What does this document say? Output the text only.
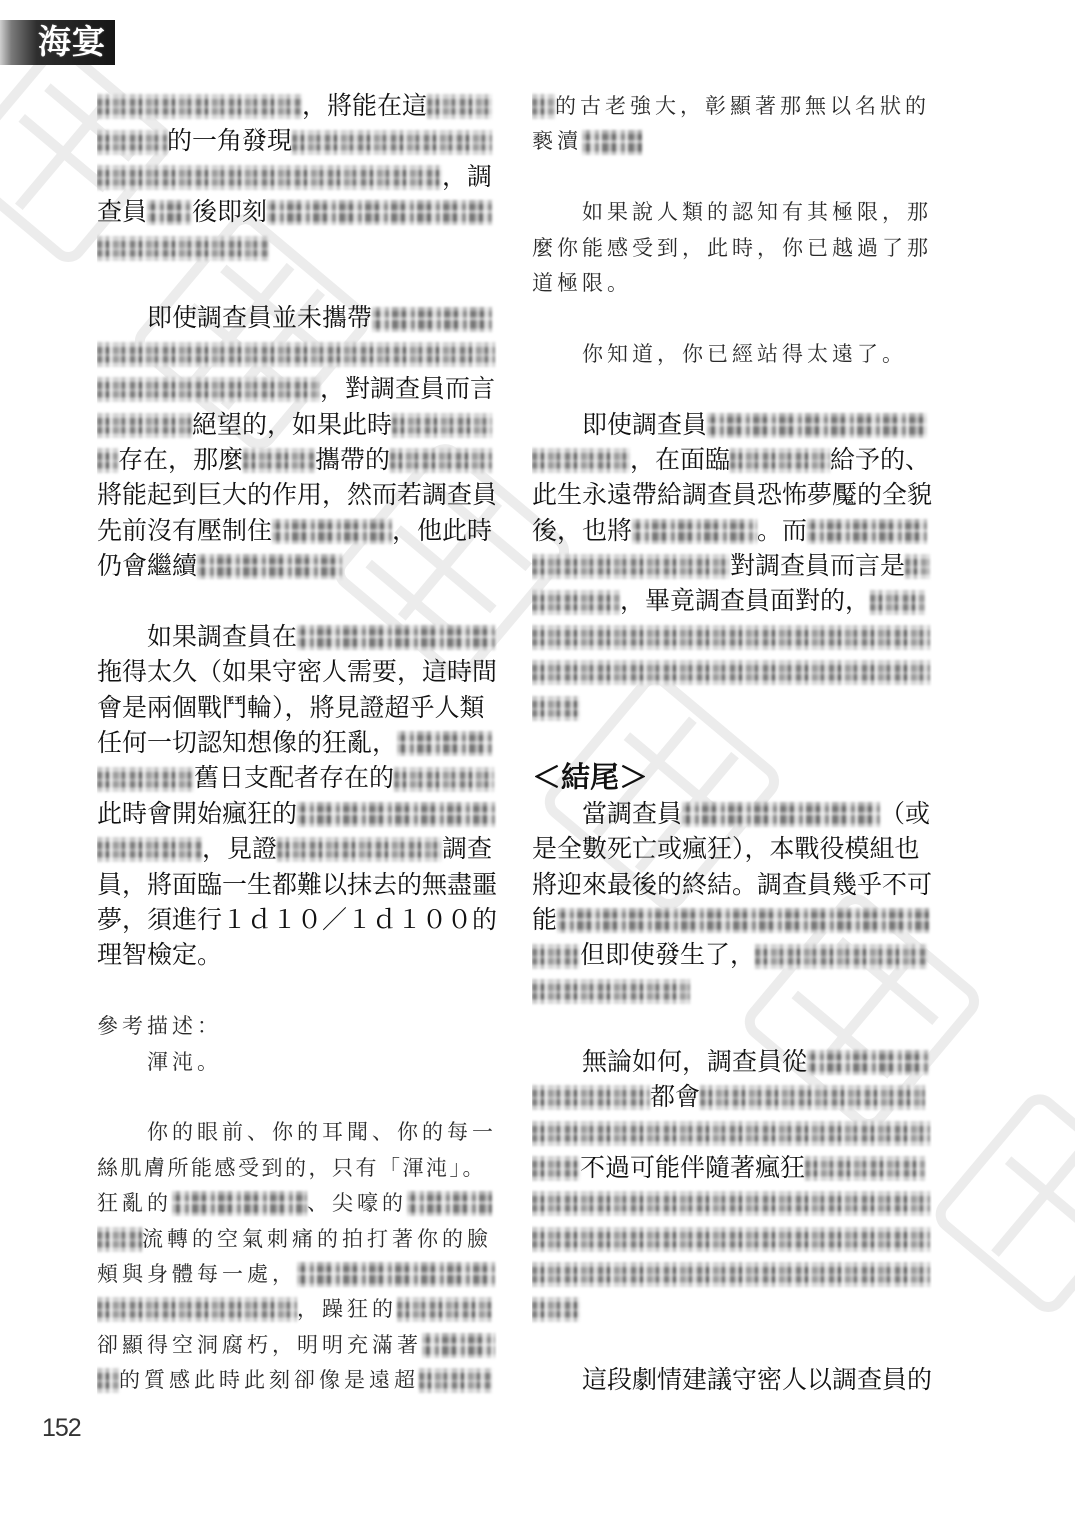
海宴
，將能在這
的一角發現
，調
查員 後即刻
即使調查員並未攜帶
，對調查員而言
絕望的，如果此時
存在，那麼	攜帶的
將能起到巨大的作用，然而若調查員
先前沒有壓制住	，他此時
仍會繼續
如果調查員在
拖得太久（如果守密人需要，這時間
會是兩個戰鬥輪），將見證超乎人類
任何一切認知想像的狂亂，
舊日支配者存在的
此時會開始瘋狂的
，見證	調查
員，將面臨一生都難以抹去的無盡噩
夢，須進行１ｄ１０／１ｄ１００的
理智檢定。
參考描述：
渾沌。
你的眼前、你的耳聞、你的每一
絲肌膚所能感受到的，只有「渾沌」。
狂亂的	、尖嚎的
流轉的空氣刺痛的拍打著你的臉
頰與身體每一處，
，躁狂的
卻顯得空洞腐朽，明明充滿著
的質感此時此刻卻像是遠超
的古老強大，彰顯著那無以名狀的
褻瀆
如果說人類的認知有其極限，那
麼你能感受到，此時，你已越過了那
道極限。
你知道，你已經站得太遠了。
即使調查員
，在面臨	給予的、
此生永遠帶給調查員恐怖夢魘的全貌
後，也將	。而
對調查員而言是
，畢竟調查員面對的，
＜結尾＞
當調查員	（或
是全數死亡或瘋狂），本戰役模組也
將迎來最後的終結。調查員幾乎不可
能
但即使發生了，
無論如何，調查員從
都會
不過可能伴隨著瘋狂
這段劇情建議守密人以調查員的
152
